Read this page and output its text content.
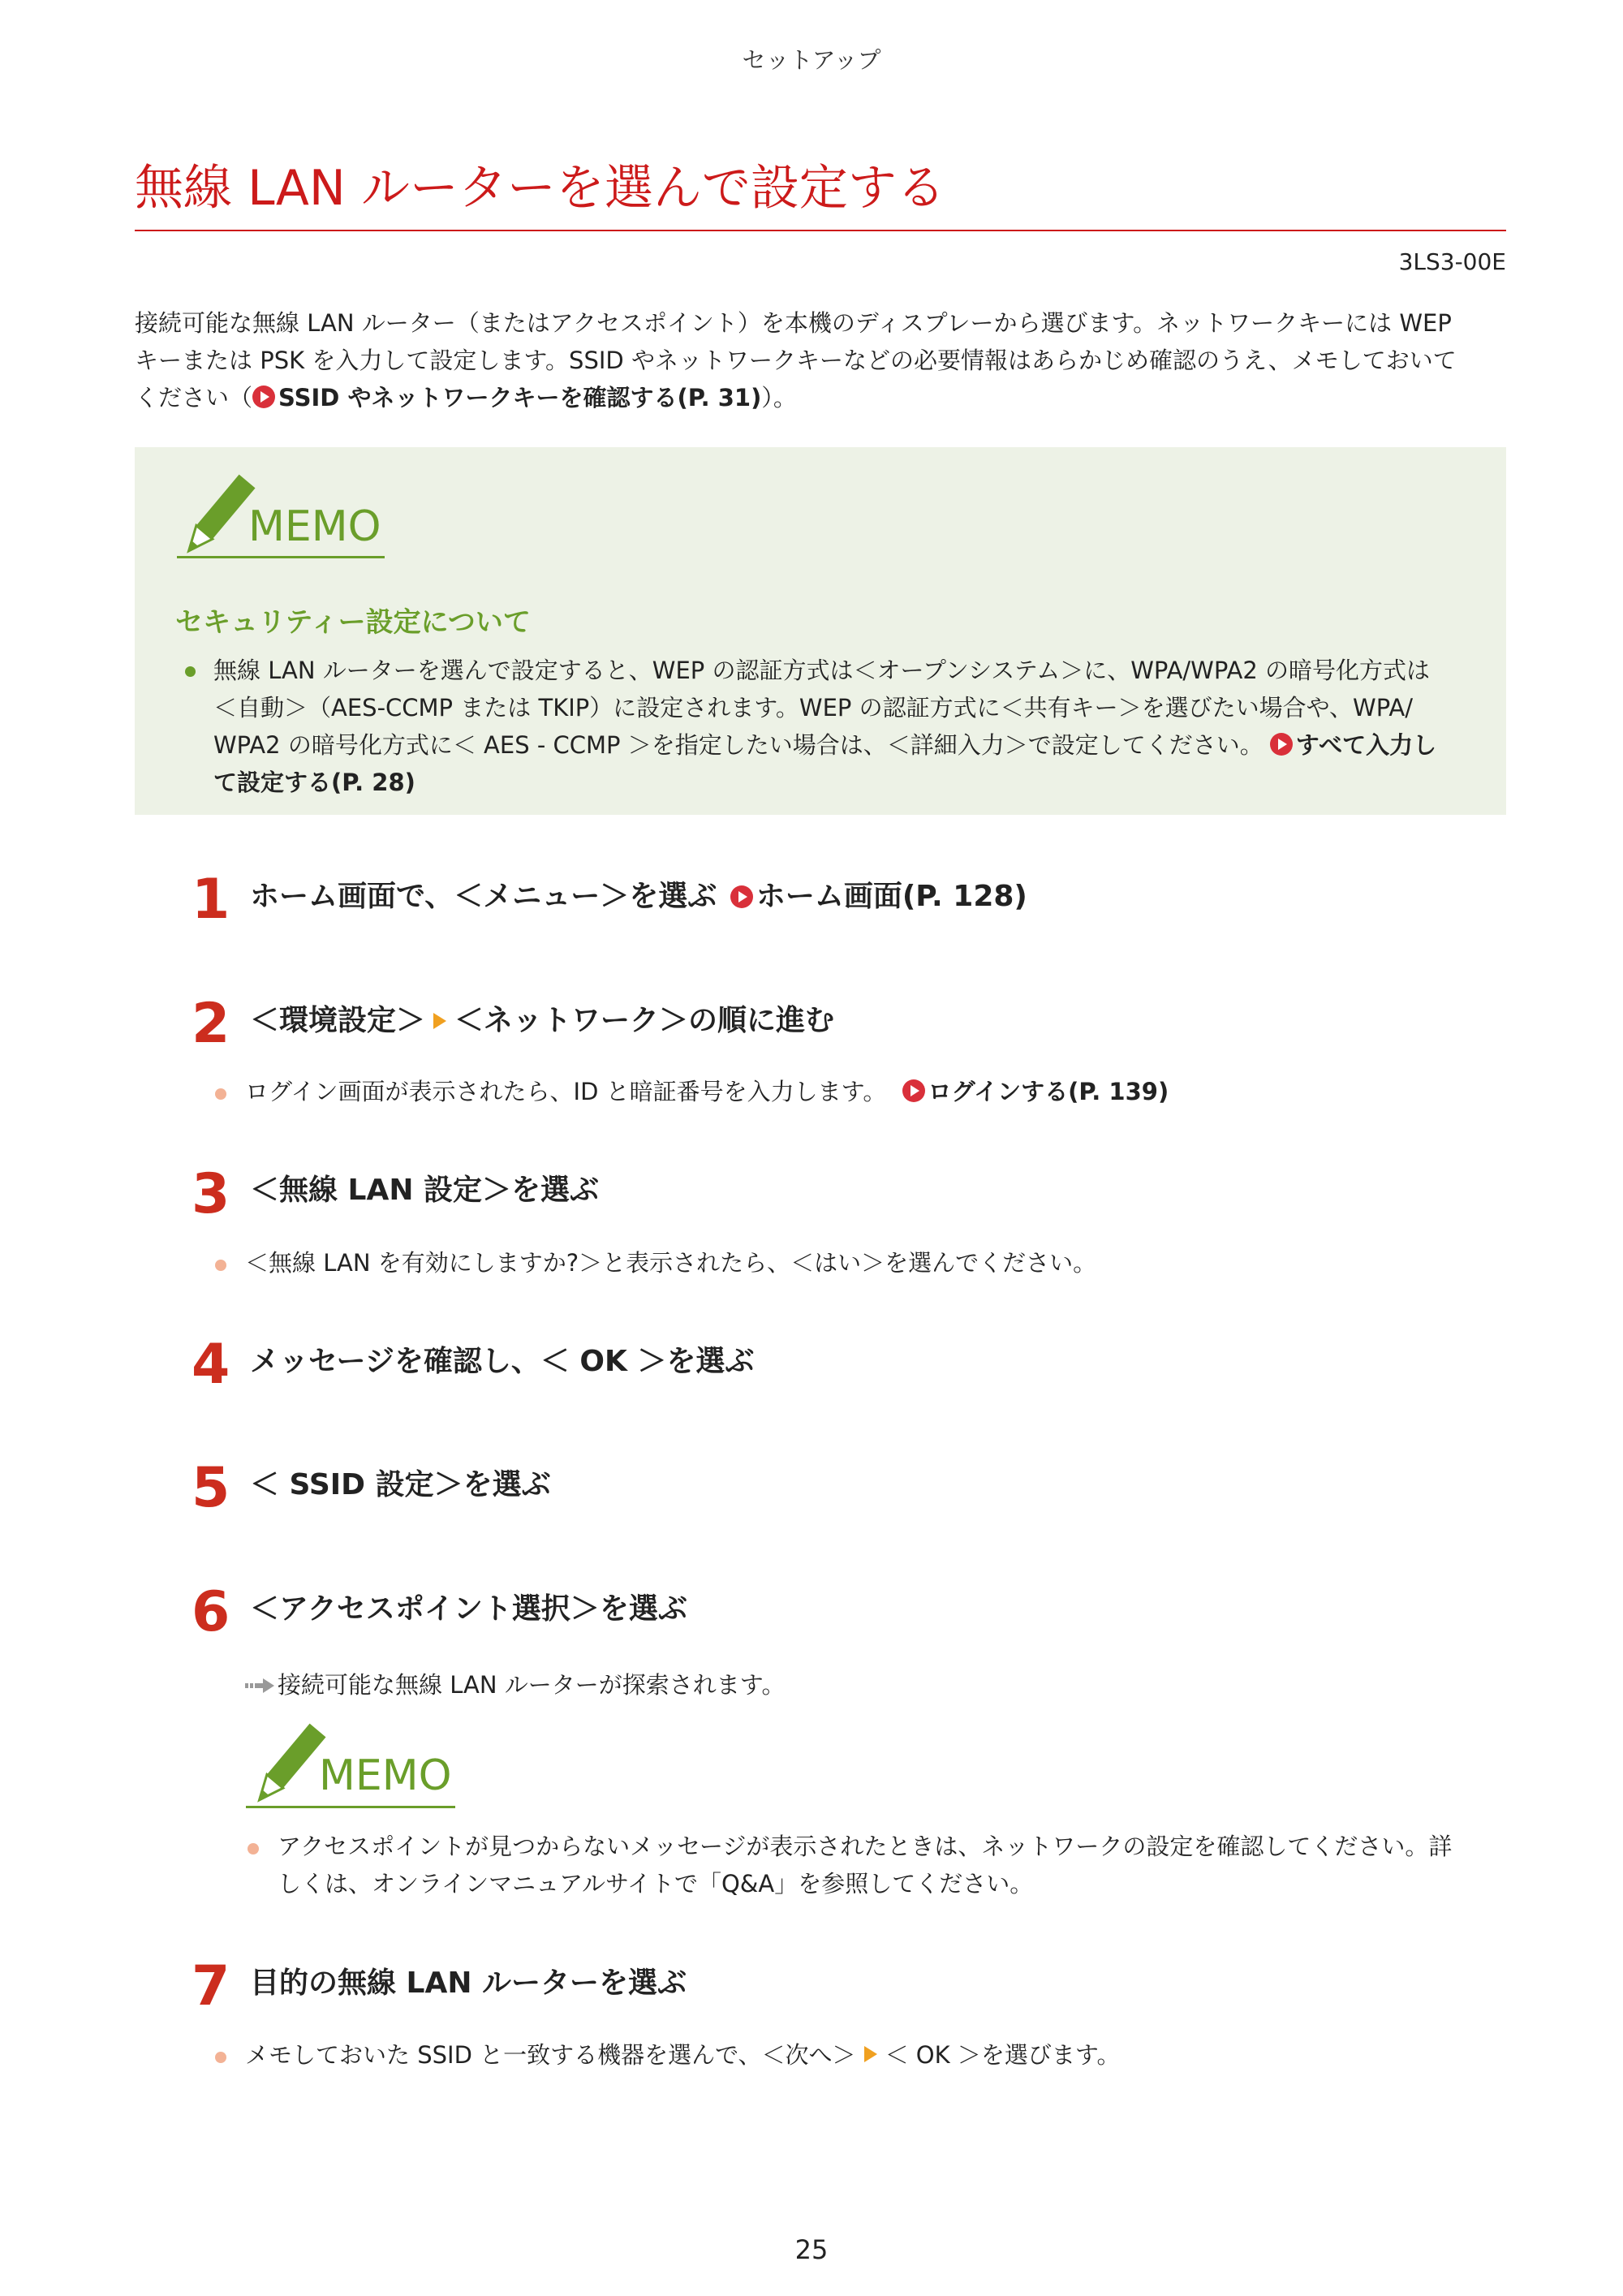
セットアップ
無線 LAN ルーターを選んで設定する
3LS3-00E
接続可能な無線 LAN ルーター（またはアクセスポイント）を本機のディスプレーから選びます。ネットワークキーには WEP
キーまたは PSK を入力して設定します。SSID やネットワークキーなどの必要情報はあらかじめ確認のうえ、メモしておいて
ください（ SSID やネットワークキーを確認する(P. 31)）。
MEMO
セキュリティー設定について
無線 LAN ルーターを選んで設定すると、WEP の認証方式は＜オープンシステム＞に、WPA/WPA2 の暗号化方式は
＜自動＞（AES-CCMP または TKIP）に設定されます。WEP の認証方式に＜共有キー＞を選びたい場合や、WPA/
WPA2 の暗号化方式に＜ AES - CCMP ＞を指定したい場合は、＜詳細入力＞で設定してください。 すべて入力し
て設定する(P. 28)
1 ホーム画面で、＜メニュー＞を選ぶ ホーム画面(P. 128)
2 ＜環境設定＞ ＜ネットワーク＞の順に進む
ログイン画面が表示されたら、ID と暗証番号を入力します。 ログインする(P. 139)
3 ＜無線 LAN 設定＞を選ぶ
＜無線 LAN を有効にしますか?＞と表示されたら、＜はい＞を選んでください。
4 メッセージを確認し、＜ OK ＞を選ぶ
5 ＜ SSID 設定＞を選ぶ
6 ＜アクセスポイント選択＞を選ぶ
接続可能な無線 LAN ルーターが探索されます。
MEMO
アクセスポイントが見つからないメッセージが表示されたときは、ネットワークの設定を確認してください。詳
しくは、オンラインマニュアルサイトで「Q&A」を参照してください。
7 目的の無線 LAN ルーターを選ぶ
メモしておいた SSID と一致する機器を選んで、＜次へ＞ ＜ OK ＞を選びます。
25
